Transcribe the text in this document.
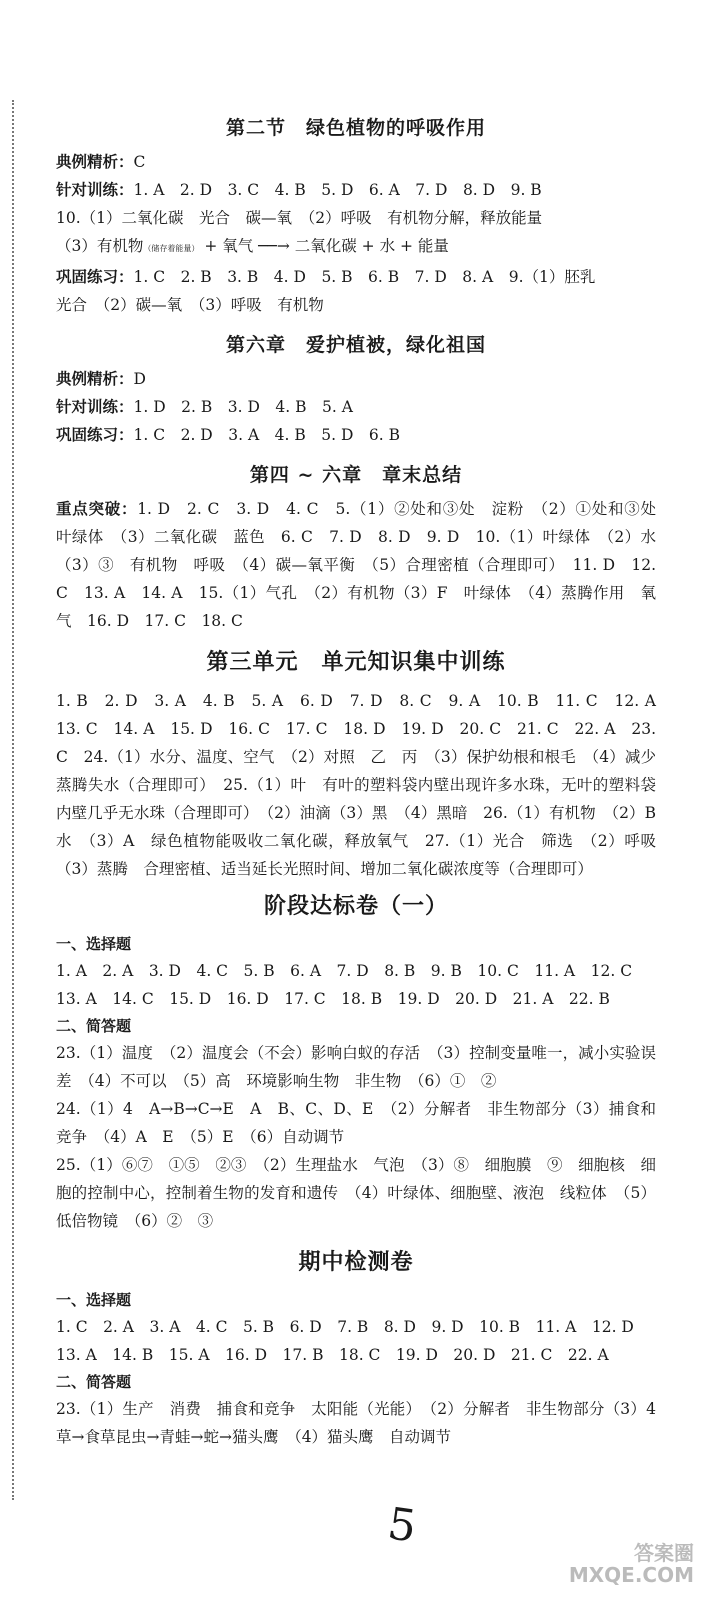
第二节　绿色植物的呼吸作用

典例精析：C

针对训练：1. A　2. D　3. C　4. B　5. D　6. A　7. D　8. D　9. B

10.（1）二氧化碳　光合　碳—氧　（2）呼吸　有机物分解，释放能量

（3）有机物（储存着能量） + 氧气 ──→ 二氧化碳 + 水 + 能量

巩固练习：1. C　2. B　3. B　4. D　5. B　6. B　7. D　8. A　9.（1）胚乳

光合　（2）碳—氧　（3）呼吸　有机物

第六章　爱护植被，绿化祖国

典例精析：D

针对训练：1. D　2. B　3. D　4. B　5. A

巩固练习：1. C　2. D　3. A　4. B　5. D　6. B

第四 ~ 六章　章末总结

重点突破：1. D　2. C　3. D　4. C　5.（1）②处和③处　淀粉　（2）①处和③处　叶绿体　（3）二氧化碳　蓝色　6. C　7. D　8. D　9. D　10.（1）叶绿体　（2）水　（3）③　有机物　呼吸　（4）碳—氧平衡　（5）合理密植（合理即可）　11. D　12. C　13. A　14. A　15.（1）气孔　（2）有机物（3）F　叶绿体　（4）蒸腾作用　氧气　16. D　17. C　18. C

第三单元　单元知识集中训练

1. B　2. D　3. A　4. B　5. A　6. D　7. D　8. C　9. A　10. B　11. C　12. A　13. C　14. A　15. D　16. C　17. C　18. D　19. D　20. C　21. C　22. A　23. C　24.（1）水分、温度、空气　（2）对照　乙　丙　（3）保护幼根和根毛　（4）减少蒸腾失水（合理即可）　25.（1）叶　有叶的塑料袋内壁出现许多水珠，无叶的塑料袋内壁几乎无水珠（合理即可）　（2）油滴（3）黑　（4）黑暗　26.（1）有机物　（2）B　水　（3）A　绿色植物能吸收二氧化碳，释放氧气　27.（1）光合　筛选　（2）呼吸　（3）蒸腾　合理密植、适当延长光照时间、增加二氧化碳浓度等（合理即可）

阶段达标卷（一）
一、选择题

1. A　2. A　3. D　4. C　5. B　6. A　7. D　8. B　9. B　10. C　11. A　12. C

13. A　14. C　15. D　16. D　17. C　18. B　19. D　20. D　21. A　22. B

二、简答题

23.（1）温度　（2）温度会（不会）影响白蚁的存活　（3）控制变量唯一，减小实验误差　（4）不可以　（5）高　环境影响生物　非生物　（6）①　②

24.（1）4　A→B→C→E　A　B、C、D、E　（2）分解者　非生物部分（3）捕食和竞争　（4）A　E　（5）E　（6）自动调节

25.（1）⑥⑦　①⑤　②③　（2）生理盐水　气泡　（3）⑧　细胞膜　⑨　细胞核　细胞的控制中心，控制着生物的发育和遗传　（4）叶绿体、细胞壁、液泡　线粒体　（5）低倍物镜　（6）②　③

期中检测卷
一、选择题

1. C　2. A　3. A　4. C　5. B　6. D　7. B　8. D　9. D　10. B　11. A　12. D

13. A　14. B　15. A　16. D　17. B　18. C　19. D　20. D　21. C　22. A

二、简答题

23.（1）生产　消费　捕食和竞争　太阳能（光能）　（2）分解者　非生物部分（3）4　草→食草昆虫→青蛙→蛇→猫头鹰　（4）猫头鹰　自动调节

5
答案圈
MXQE.COM
